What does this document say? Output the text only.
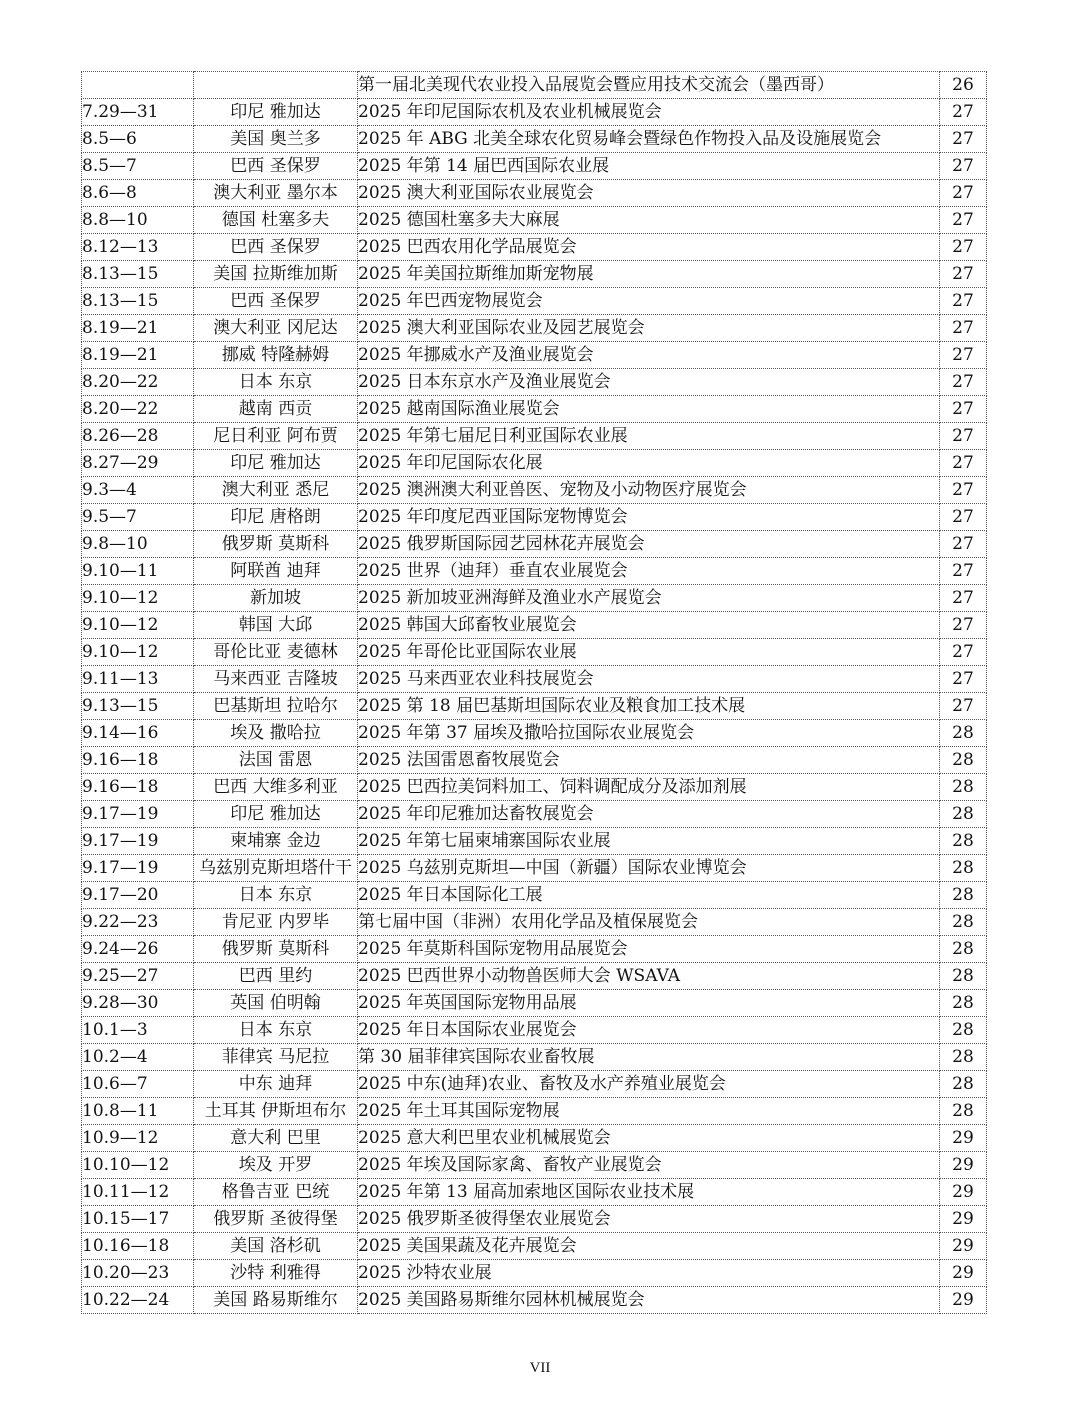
		第一届北美现代农业投入品展览会暨应用技术交流会（墨西哥）	26
7.29—31	印尼 雅加达	2025 年印尼国际农机及农业机械展览会	27
8.5—6	美国 奥兰多	2025 年 ABG 北美全球农化贸易峰会暨绿色作物投入品及设施展览会	27
8.5—7	巴西 圣保罗	2025 年第 14 届巴西国际农业展	27
8.6—8	澳大利亚 墨尔本	2025 澳大利亚国际农业展览会	27
8.8—10	德国 杜塞多夫	2025 德国杜塞多夫大麻展	27
8.12—13	巴西 圣保罗	2025 巴西农用化学品展览会	27
8.13—15	美国 拉斯维加斯	2025 年美国拉斯维加斯宠物展	27
8.13—15	巴西 圣保罗	2025 年巴西宠物展览会	27
8.19—21	澳大利亚 冈尼达	2025 澳大利亚国际农业及园艺展览会	27
8.19—21	挪威 特隆赫姆	2025 年挪威水产及渔业展览会	27
8.20—22	日本 东京	2025 日本东京水产及渔业展览会	27
8.20—22	越南 西贡	2025 越南国际渔业展览会	27
8.26—28	尼日利亚 阿布贾	2025 年第七届尼日利亚国际农业展	27
8.27—29	印尼 雅加达	2025 年印尼国际农化展	27
9.3—4	澳大利亚 悉尼	2025 澳洲澳大利亚兽医、宠物及小动物医疗展览会	27
9.5—7	印尼 唐格朗	2025 年印度尼西亚国际宠物博览会	27
9.8—10	俄罗斯 莫斯科	2025 俄罗斯国际园艺园林花卉展览会	27
9.10—11	阿联酋 迪拜	2025 世界（迪拜）垂直农业展览会	27
9.10—12	新加坡	2025 新加坡亚洲海鲜及渔业水产展览会	27
9.10—12	韩国 大邱	2025 韩国大邱畜牧业展览会	27
9.10—12	哥伦比亚 麦德林	2025 年哥伦比亚国际农业展	27
9.11—13	马来西亚 吉隆坡	2025 马来西亚农业科技展览会	27
9.13—15	巴基斯坦 拉哈尔	2025 第 18 届巴基斯坦国际农业及粮食加工技术展	27
9.14—16	埃及 撒哈拉	2025 年第 37 届埃及撒哈拉国际农业展览会	28
9.16—18	法国 雷恩	2025 法国雷恩畜牧展览会	28
9.16—18	巴西 大维多利亚	2025 巴西拉美饲料加工、饲料调配成分及添加剂展	28
9.17—19	印尼 雅加达	2025 年印尼雅加达畜牧展览会	28
9.17—19	柬埔寨 金边	2025 年第七届柬埔寨国际农业展	28
9.17—19	乌兹别克斯坦塔什干	2025 乌兹别克斯坦—中国（新疆）国际农业博览会	28
9.17—20	日本 东京	2025 年日本国际化工展	28
9.22—23	肯尼亚 内罗毕	第七届中国（非洲）农用化学品及植保展览会	28
9.24—26	俄罗斯 莫斯科	2025 年莫斯科国际宠物用品展览会	28
9.25—27	巴西 里约	2025 巴西世界小动物兽医师大会 WSAVA	28
9.28—30	英国 伯明翰	2025 年英国国际宠物用品展	28
10.1—3	日本 东京	2025 年日本国际农业展览会	28
10.2—4	菲律宾 马尼拉	第 30 届菲律宾国际农业畜牧展	28
10.6—7	中东 迪拜	2025 中东(迪拜)农业、畜牧及水产养殖业展览会	28
10.8—11	土耳其 伊斯坦布尔	2025 年土耳其国际宠物展	28
10.9—12	意大利 巴里	2025 意大利巴里农业机械展览会	29
10.10—12	埃及 开罗	2025 年埃及国际家禽、畜牧产业展览会	29
10.11—12	格鲁吉亚 巴统	2025 年第 13 届高加索地区国际农业技术展	29
10.15—17	俄罗斯 圣彼得堡	2025 俄罗斯圣彼得堡农业展览会	29
10.16—18	美国 洛杉矶	2025 美国果蔬及花卉展览会	29
10.20—23	沙特 利雅得	2025 沙特农业展	29
10.22—24	美国 路易斯维尔	2025 美国路易斯维尔园林机械展览会	29
VII
